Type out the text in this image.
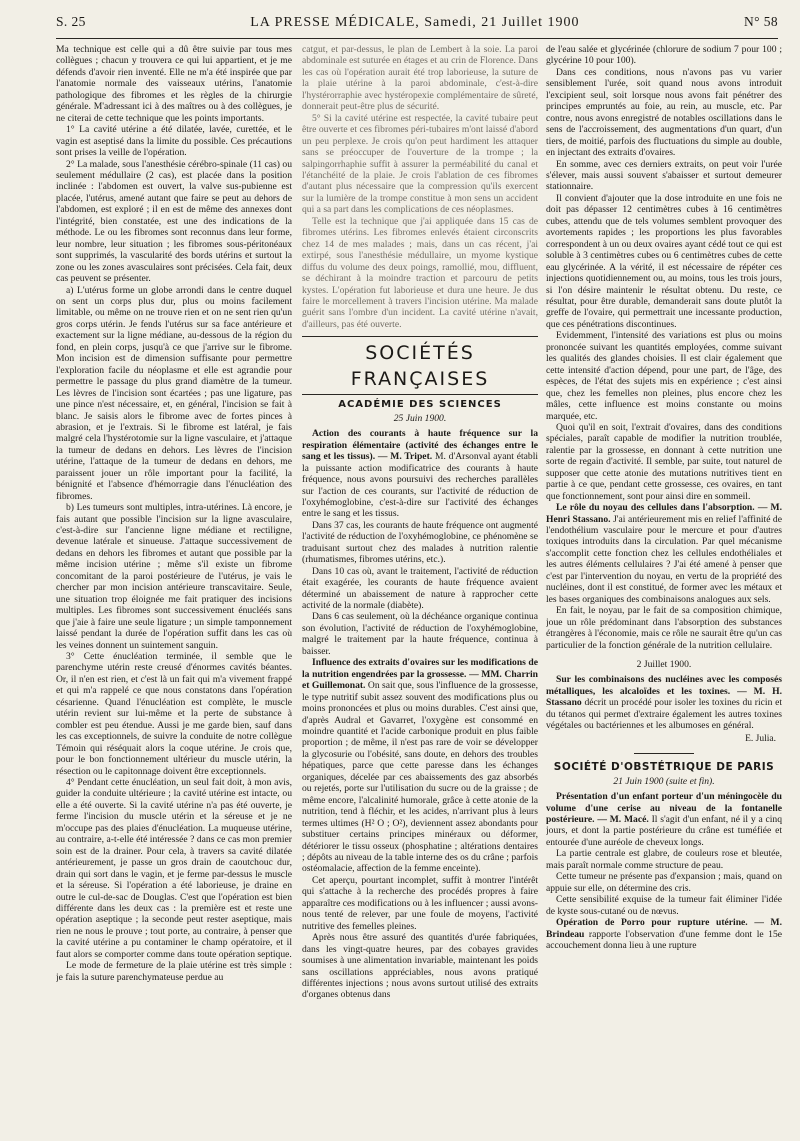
S. 25	LA PRESSE MÉDICALE, Samedi, 21 Juillet 1900	N° 58

Ma technique est celle qui a dû être suivie par tous mes collègues ; chacun y trouvera ce qui lui appartient, et je me défends d'avoir rien inventé. Elle ne m'a été inspirée que par l'anatomie normale des vaisseaux utérins, l'anatomie pathologique des fibromes et les règles de la chirurgie générale. M'adressant ici à des maîtres ou à des collègues, je ne citerai de cette technique que les points importants.

1° La cavité utérine a été dilatée, lavée, curettée, et le vagin est aseptisé dans la limite du possible. Ces précautions sont prises la veille de l'opération.

2° La malade, sous l'anesthésie cérébro-spinale (11 cas) ou seulement médullaire (2 cas), est placée dans la position inclinée : l'abdomen est ouvert, la valve sus-pubienne est placée, l'utérus, amené autant que faire se peut au dehors de l'abdomen, est exploré ; il en est de même des annexes dont l'intégrité, bien constatée, est une des indications de la méthode. Le ou les fibromes sont reconnus dans leur forme, leur nombre, leur situation ; les fibromes sous-péritonéaux sont supprimés, la vascularité des bords utérins et surtout la zone ou les zones avasculaires sont précisées. Cela fait, deux cas peuvent se présenter.

a) L'utérus forme un globe arrondi dans le centre duquel on sent un corps plus dur, plus ou moins facilement limitable, ou même on ne trouve rien et on ne sent rien qu'un gros corps utérin. Je fends l'utérus sur sa face antérieure et exactement sur la ligne médiane, au-dessous de la région du fond, en plein corps, jusqu'à ce que j'arrive sur le fibrome. Mon incision est de dimension suffisante pour permettre l'exploration facile du néoplasme et elle est agrandie pour permettre le passage du plus grand diamètre de la tumeur. Les lèvres de l'incision sont écartées ; pas une ligature, pas une pince n'est nécessaire, et, en général, l'incision se fait à blanc. Je saisis alors le fibrome avec de fortes pinces à abrasion, et je l'extrais. Si le fibrome est latéral, je fais malgré cela l'hystérotomie sur la ligne vasculaire, et j'attaque la tumeur de dedans en dehors. Les lèvres de l'incision utérine, l'attaque de la tumeur de dedans en dehors, me paraissent jouer un rôle important pour la facilité, la bénignité et l'absence d'hémorragie dans l'énucléation des fibromes.

b) Les tumeurs sont multiples, intra-utérines. Là encore, je fais autant que possible l'incision sur la ligne avasculaire, c'est-à-dire sur l'ancienne ligne médiane et rectiligne, devenue latérale et sinueuse. J'attaque successivement de dedans en dehors les fibromes et autant que possible par la même incision utérine ; même s'il existe un fibrome concomitant de la paroi postérieure de l'utérus, je vais le chercher par mon incision antérieure transcavitaire. Seule, une situation trop éloignée me fait pratiquer des incisions multiples. Les fibromes sont successivement énucléés sans que j'aie à faire une seule ligature ; un simple tamponnement laissé pendant la durée de l'opération suffit dans les cas où les veines donnent un suintement sanguin.

3° Cette énucléation terminée, il semble que le parenchyme utérin reste creusé d'énormes cavités béantes. Or, il n'en est rien, et c'est là un fait qui m'a vivement frappé et qui m'a rappelé ce que nous constatons dans l'opération césarienne. Quand l'énucléation est complète, le muscle utérin revient sur lui-même et la perte de substance à combler est peu étendue. Aussi je me garde bien, sauf dans les cas exceptionnels, de suivre la conduite de notre collègue Témoin qui réséquait alors la coque utérine. Je crois que, pour le bon fonctionnement ultérieur du muscle utérin, la résection ou le capitonnage doivent être exceptionnels.

4° Pendant cette énucléation, un seul fait doit, à mon avis, guider la conduite ultérieure ; la cavité utérine est intacte, ou elle a été ouverte. Si la cavité utérine n'a pas été ouverte, je ferme l'incision du muscle utérin et la séreuse et je ne m'occupe pas des plaies d'énucléation. La muqueuse utérine, au contraire, a-t-elle été intéressée ? dans ce cas mon premier soin est de la drainer. Pour cela, à travers sa cavité dilatée antérieurement, je passe un gros drain de caoutchouc dur, drain qui sort dans le vagin, et je ferme par-dessus le muscle et la séreuse. Si l'opération a été laborieuse, je draine en outre le cul-de-sac de Douglas. C'est que l'opération est bien différente dans les deux cas : la première est et reste une opération aseptique ; la seconde peut rester aseptique, mais rien ne nous le prouve ; tout porte, au contraire, à penser que la cavité utérine a pu contaminer le champ opératoire, et il faut alors se comporter comme dans toute opération septique.

Le mode de fermeture de la plaie utérine est très simple : je fais la suture parenchymateuse perdue au

catgut, et par-dessus, le plan de Lembert à la soie. La paroi abdominale est suturée en étages et au crin de Florence. Dans les cas où l'opération aurait été trop laborieuse, la suture de la plaie utérine à la paroi abdominale, c'est-à-dire l'hystérorraphie avec hystéropexie complémentaire de sûreté, donnerait peut-être plus de sécurité.

5° Si la cavité utérine est respectée, la cavité tubaire peut être ouverte et ces fibromes péri-tubaires m'ont laissé d'abord un peu perplexe. Je crois qu'on peut hardiment les attaquer sans se préoccuper de l'ouverture de la trompe ; la salpingorrhaphie suffit à assurer la perméabilité du canal et l'étanchéité de la plaie. Je crois l'ablation de ces fibromes d'autant plus nécessaire que la compression qu'ils exercent sur la lumière de la trompe constitue à mon sens un accident qui a sa part dans les complications de ces néoplasmes.

Telle est la technique que j'ai appliquée dans 15 cas de fibromes utérins. Les fibromes enlevés étaient circonscrits chez 14 de mes malades ; mais, dans un cas récent, j'ai extirpé, sous l'anesthésie médullaire, un myome kystique diffus du volume des deux poings, ramollié, mou, diffluent, se déchirant à la moindre traction et parcouru de petits kystes. L'opération fut laborieuse et dura une heure. Je dus faire le morcellement à travers l'incision utérine. Ma malade guérit sans l'ombre d'un incident. La cavité utérine n'avait, d'ailleurs, pas été ouverte.

SOCIÉTÉS FRANÇAISES
ACADÉMIE DES SCIENCES
25 Juin 1900.

Action des courants à haute fréquence sur la respiration élémentaire (activité des échanges entre le sang et les tissus). — M. Tripet. M. d'Arsonval ayant établi la puissante action modificatrice des courants à haute fréquence, nous avons poursuivi des recherches parallèles sur l'action de ces courants, sur l'activité de réduction de l'oxyhémoglobine, c'est-à-dire sur l'activité des échanges entre le sang et les tissus.

Dans 37 cas, les courants de haute fréquence ont augmenté l'activité de réduction de l'oxyhémoglobine, ce phénomène se traduisant surtout chez des malades à nutrition ralentie (rhumatismes, fibromes utérins, etc.).

Dans 10 cas où, avant le traitement, l'activité de réduction était exagérée, les courants de haute fréquence avaient déterminé un abaissement de nature à rapprocher cette activité de la normale (diabète).

Dans 6 cas seulement, où la déchéance organique continua son évolution, l'activité de réduction de l'oxyhémoglobine, malgré le traitement par la haute fréquence, continua à baisser.

Influence des extraits d'ovaires sur les modifications de la nutrition engendrées par la grossesse. — MM. Charrin et Guillemonat. On sait que, sous l'influence de la grossesse, le type nutritif subit assez souvent des modifications plus ou moins prononcées et plus ou moins durables. C'est ainsi que, d'après Audral et Gavarret, l'oxygène est consommé en moindre quantité et l'acide carbonique produit en plus faible proportion ; de même, il n'est pas rare de voir se développer la glycosurie ou l'obésité, sans doute, en dehors des troubles hépatiques, parce que cette paresse dans les échanges organiques, décelée par ces abaissements des gaz absorbés ou rejetés, porte sur l'utilisation du sucre ou de la graisse ; de même encore, l'alcalinité humorale, grâce à cette atonie de la nutrition, tend à fléchir, et les acides, n'arrivant plus à leurs termes ultimes (H² O ; O²), deviennent assez abondants pour substituer certains principes minéraux ou déformer, détériorer le tissu osseux (phosphatine ; altérations dentaires ; dépôts au niveau de la table interne des os du crâne ; parfois ostéomalacie, affection de la femme enceinte).

Cet aperçu, pourtant incomplet, suffit à montrer l'intérêt qui s'attache à la recherche des procédés propres à faire apparaître ces modifications ou à les influencer ; aussi avons-nous tenté de relever, par une foule de moyens, l'activité nutritive des femelles pleines.

Après nous être assuré des quantités d'urée fabriquées, dans les vingt-quatre heures, par des cobayes gravides soumises à une alimentation invariable, maintenant les poids sans oscillations appréciables, nous avons pratiqué différentes injections ; nous avons surtout utilisé des extraits d'organes obtenus dans

de l'eau salée et glycérinée (chlorure de sodium 7 pour 100 ; glycérine 10 pour 100).

Dans ces conditions, nous n'avons pas vu varier sensiblement l'urée, soit quand nous avons introduit l'excipient seul, soit lorsque nous avons fait pénétrer des principes empruntés au foie, au rein, au muscle, etc. Par contre, nous avons enregistré de notables oscillations dans le sens de l'accroissement, des augmentations d'un quart, d'un tiers, de moitié, parfois des fluctuations du simple au double, en injectant des extraits d'ovaires.

En somme, avec ces derniers extraits, on peut voir l'urée s'élever, mais aussi souvent s'abaisser et surtout demeurer stationnaire.

Il convient d'ajouter que la dose introduite en une fois ne doit pas dépasser 12 centimètres cubes à 16 centimètres cubes, attendu que de tels volumes semblent provoquer des avortements rapides ; les proportions les plus favorables correspondent à un ou deux ovaires ayant cédé tout ce qui est soluble à 3 centimètres cubes ou 6 centimètres cubes de cette eau glycérinée. A la vérité, il est nécessaire de répéter ces injections quotidiennement ou, au moins, tous les trois jours, si l'on désire maintenir le résultat obtenu. Du reste, ce résultat, pour être durable, demanderait sans doute plutôt la greffe de l'ovaire, qui permettrait une incessante production, que ces pénétrations discontinues.

Evidemment, l'intensité des variations est plus ou moins prononcée suivant les quantités employées, comme suivant les qualités des glandes choisies. Il est clair également que cette intensité d'action dépend, pour une part, de l'âge, des espèces, de l'état des sujets mis en expérience ; c'est ainsi que, chez les femelles non pleines, plus encore chez les mâles, cette influence est moins constante ou moins marquée, etc.

Quoi qu'il en soit, l'extrait d'ovaires, dans des conditions spéciales, paraît capable de modifier la nutrition troublée, ralentie par la grossesse, en donnant à cette nutrition une sorte de regain d'activité. Il semble, par suite, tout naturel de supposer que cette atonie des mutations nutritives tient en partie à ce que, pendant cette grossesse, ces ovaires, en tant que fonctionnement, sont pour ainsi dire en sommeil.

Le rôle du noyau des cellules dans l'absorption. — M. Henri Stassano. J'ai antérieurement mis en relief l'affinité de l'endothélium vasculaire pour le mercure et pour d'autres toxiques introduits dans la circulation. Par quel mécanisme s'accomplit cette fonction chez les cellules endothéliales et les autres éléments cellulaires ? J'ai été amené à penser que c'est par l'intervention du noyau, en vertu de la propriété des nucléines, dont il est constitué, de former avec les métaux et les bases organiques des combinaisons analogues aux sels.

En fait, le noyau, par le fait de sa composition chimique, joue un rôle prédominant dans l'absorption des substances étrangères à l'économie, mais ce rôle ne saurait être qu'un cas particulier de la fonction générale de la nutrition cellulaire.

2 Juillet 1900.

Sur les combinaisons des nucléines avec les composés métalliques, les alcaloïdes et les toxines. — M. H. Stassano décrit un procédé pour isoler les toxines du ricin et du tétanos qui permet d'extraire également les autres toxines végétales ou bactériennes et les albumoses en général.

E. Julia.
SOCIÉTÉ D'OBSTÉTRIQUE DE PARIS
21 Juin 1900 (suite et fin).

Présentation d'un enfant porteur d'un méningocèle du volume d'une cerise au niveau de la fontanelle postérieure. — M. Macé. Il s'agit d'un enfant, né il y a cinq jours, et dont la partie postérieure du crâne est tuméfiée et entourée d'une auréole de cheveux longs.

La partie centrale est glabre, de couleurs rose et bleutée, mais paraît normale comme structure de peau.

Cette tumeur ne présente pas d'expansion ; mais, quand on appuie sur elle, on détermine des cris.

Cette sensibilité exquise de la tumeur fait éliminer l'idée de kyste sous-cutané ou de nœvus.

Opération de Porro pour rupture utérine. — M. Brindeau rapporte l'observation d'une femme dont le 15e accouchement donna lieu à une rupture
